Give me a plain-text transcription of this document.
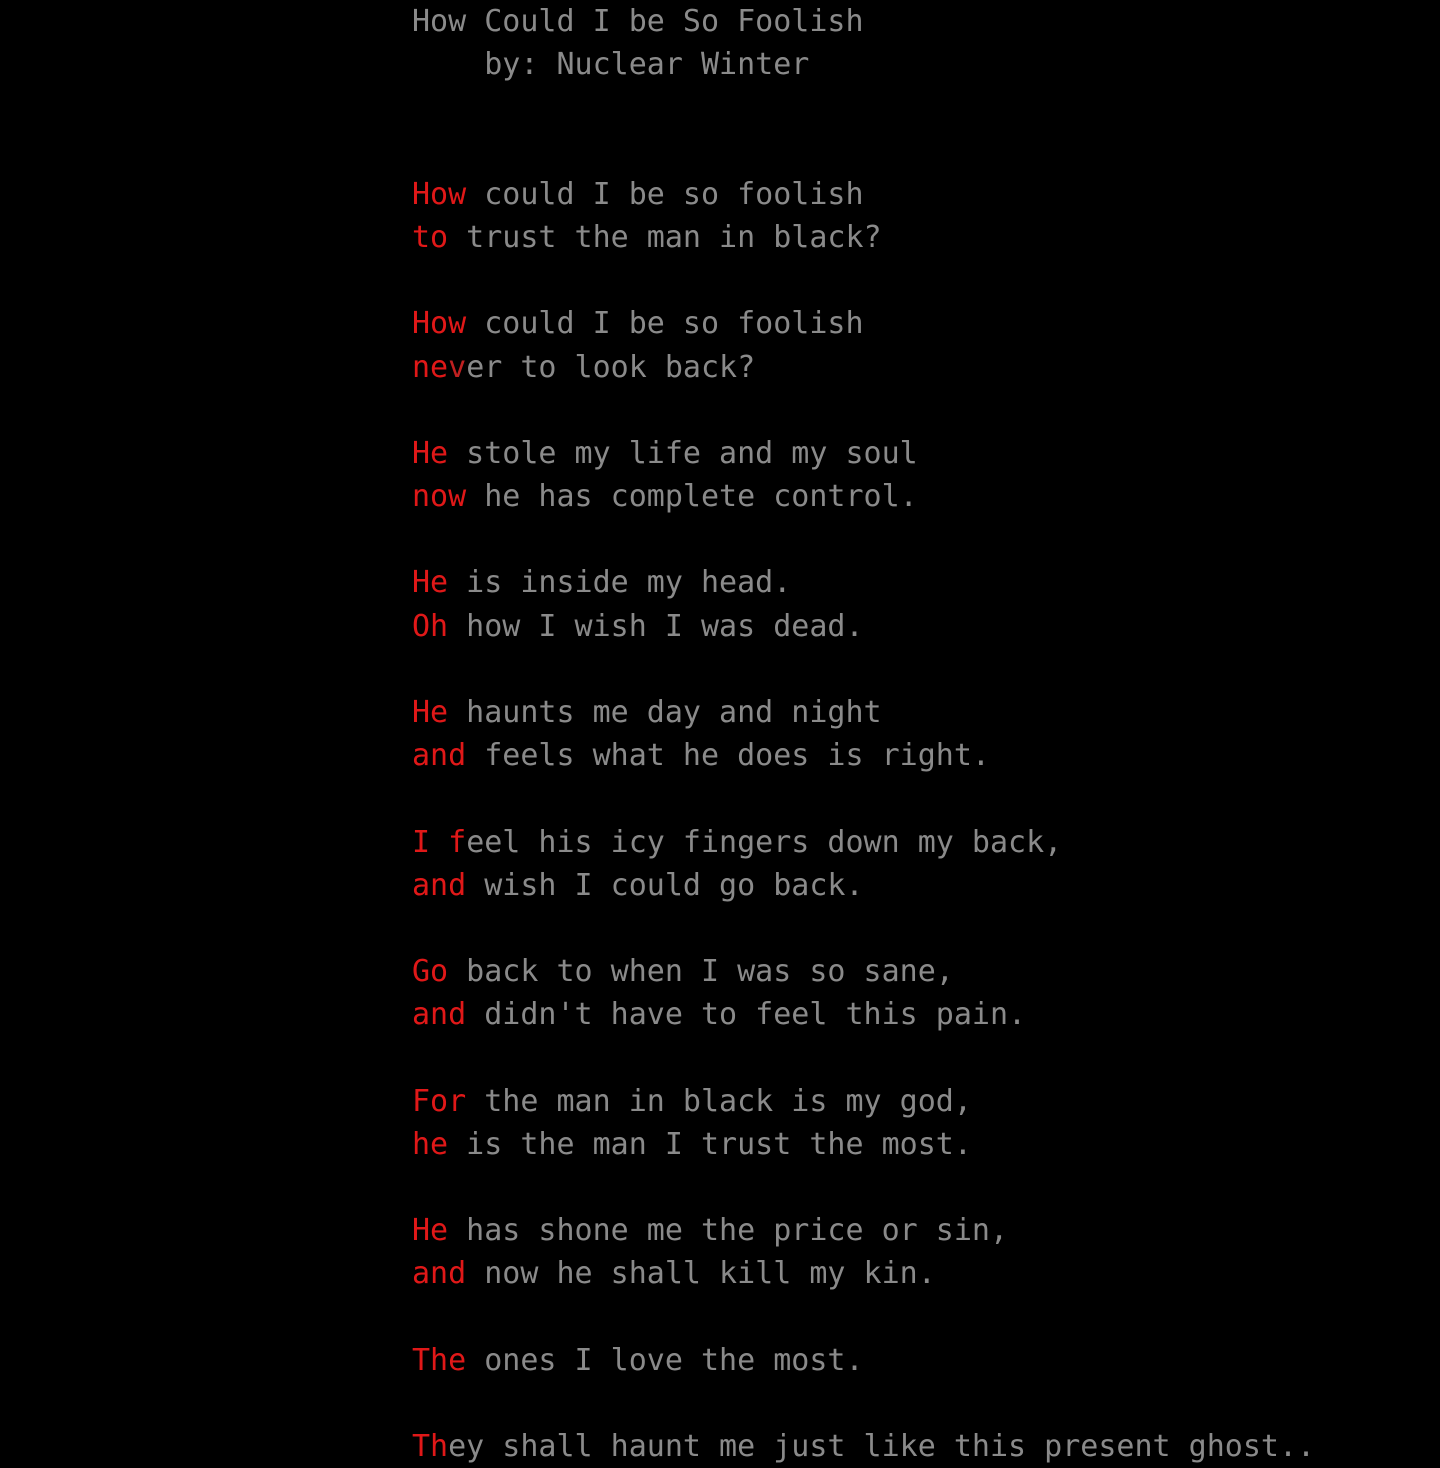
How Could I be So Foolish
by: Nuclear Winter
How could I be so foolish
to trust the man in black?
How could I be so foolish
never to look back?
He stole my life and my soul
now he has complete control.
He is inside my head.
Oh how I wish I was dead.
He haunts me day and night
and feels what he does is right.
I feel his icy fingers down my back,
and wish I could go back.
Go back to when I was so sane,
and didn't have to feel this pain.
For the man in black is my god,
he is the man I trust the most.
He has shone me the price or sin,
and now he shall kill my kin.
The ones I love the most.
They shall haunt me just like this present ghost..
